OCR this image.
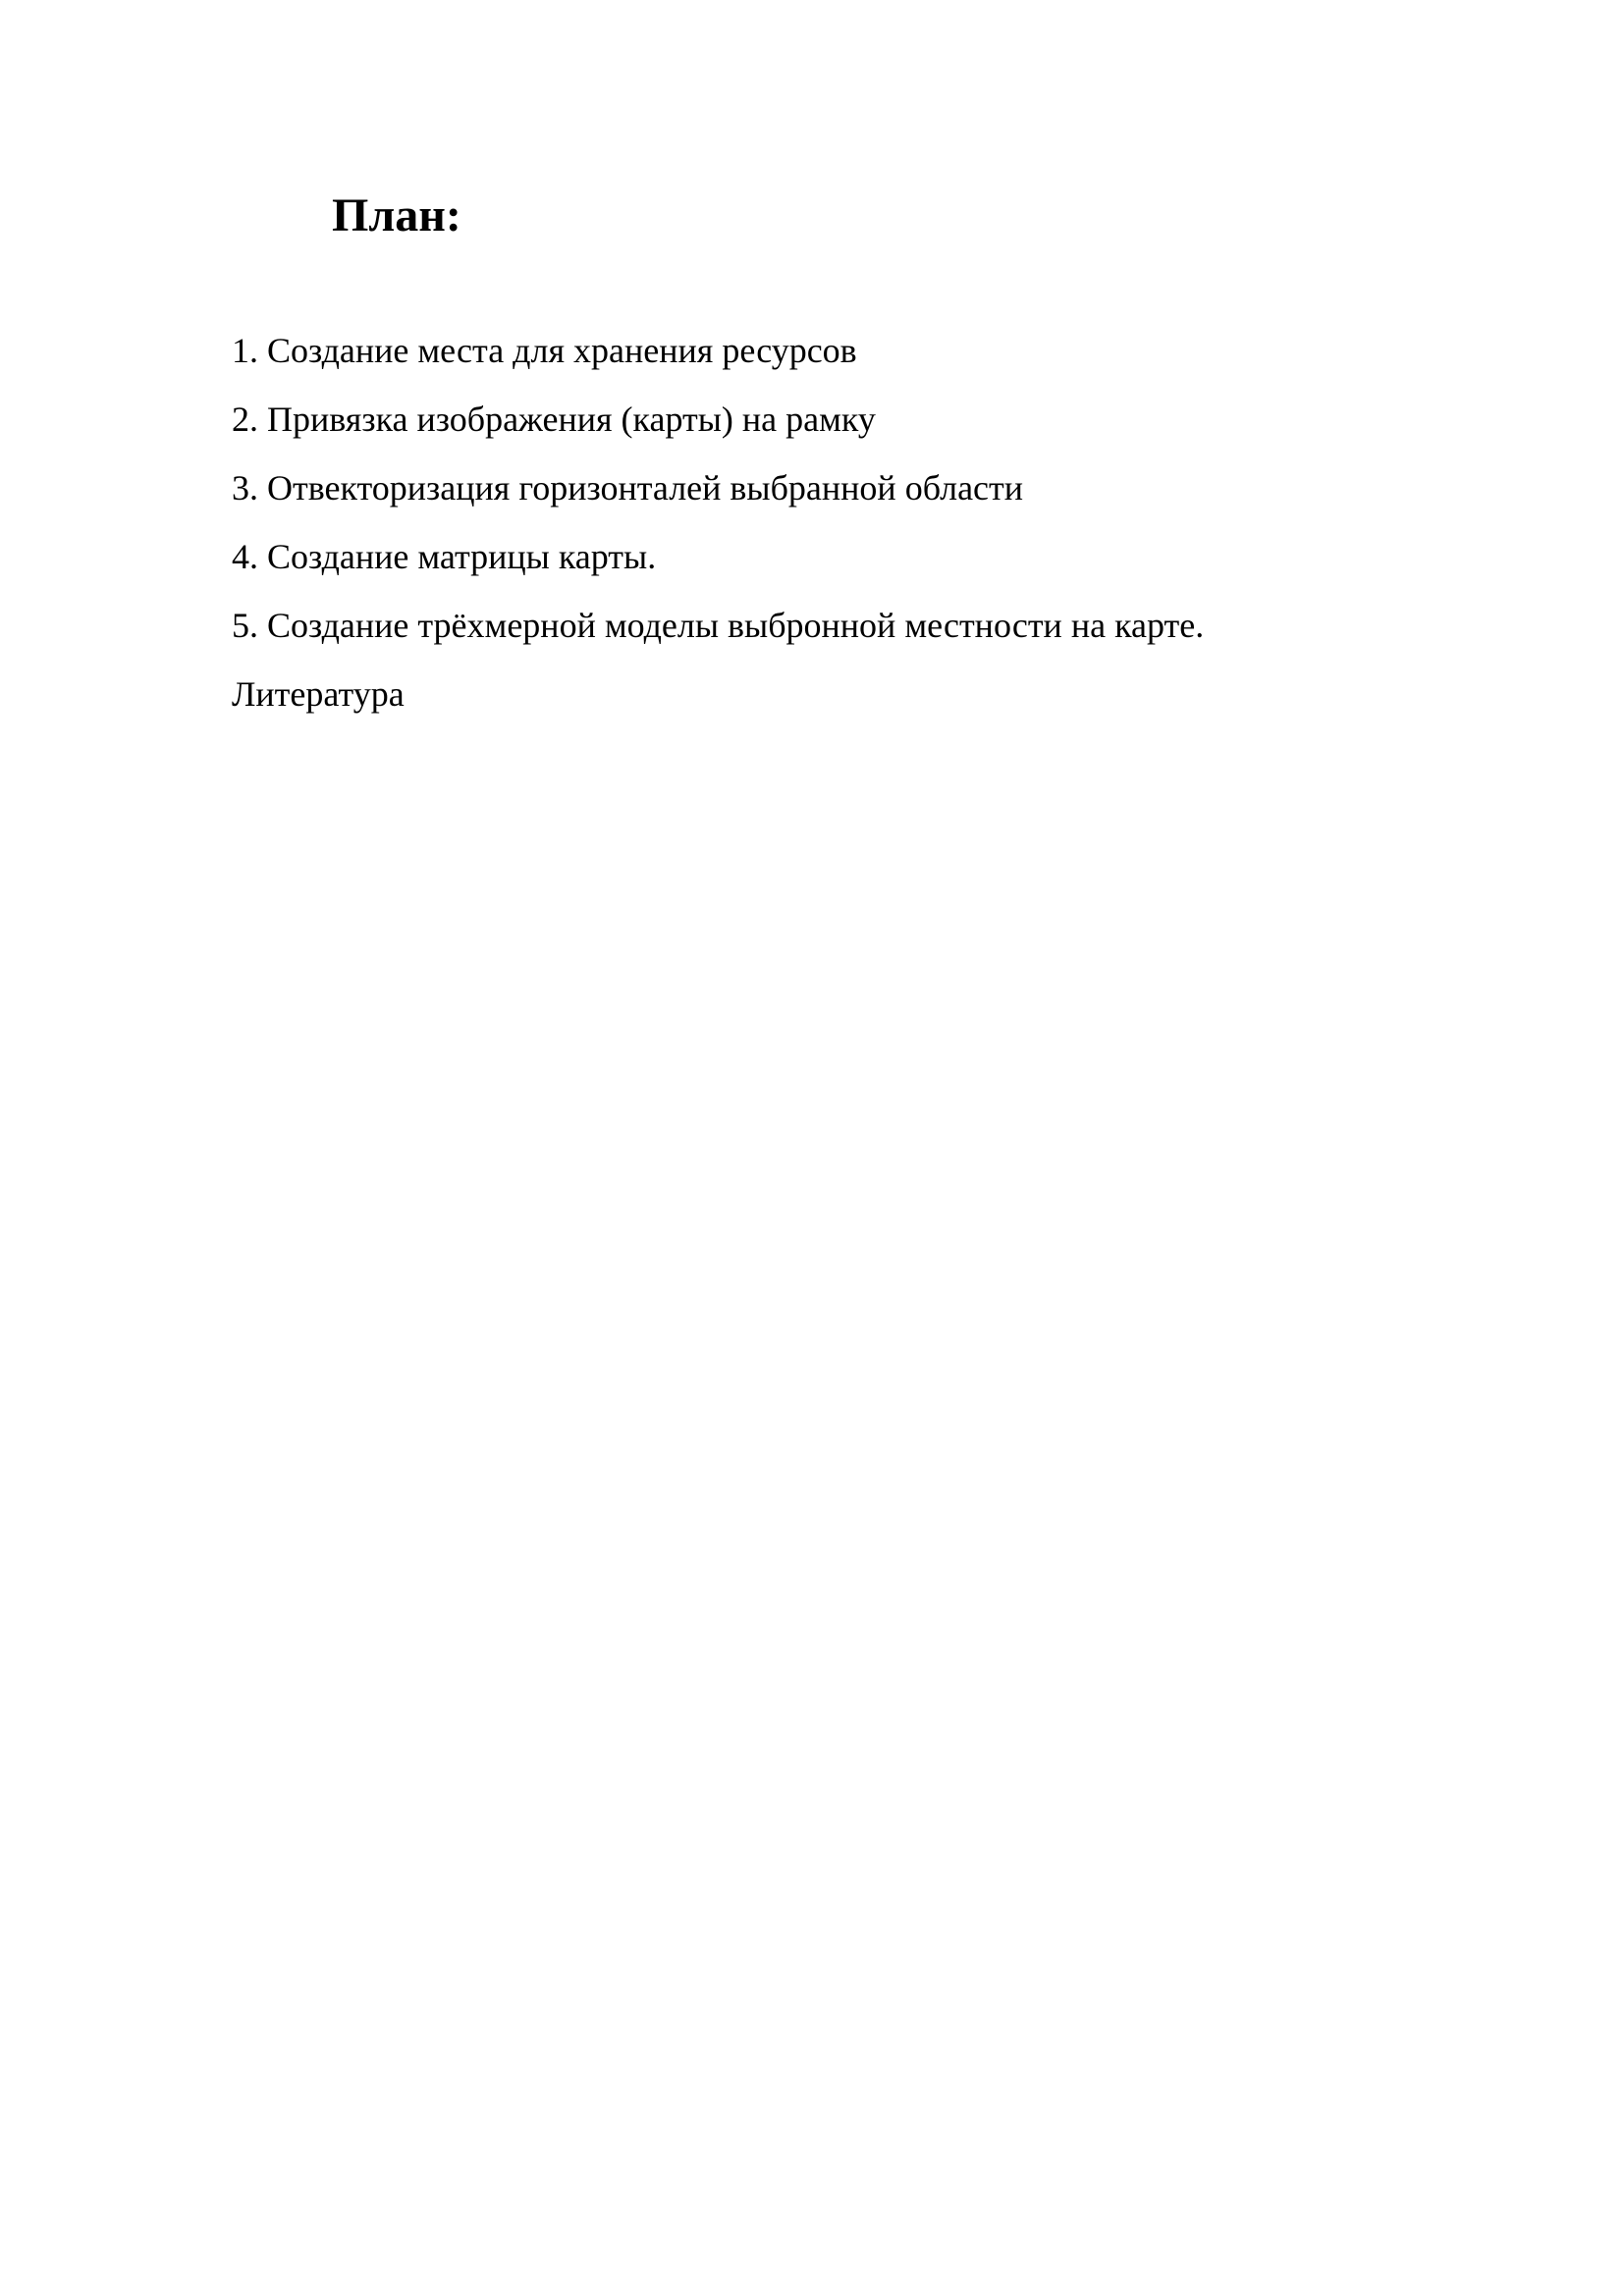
План:
1. Создание места для хранения ресурсов
2. Привязка изображения (карты) на рамку
3. Отвекторизация горизонталей выбранной области
4. Создание матрицы карты.
5. Создание трёхмерной моделы выбронной местности на карте.
Литература
